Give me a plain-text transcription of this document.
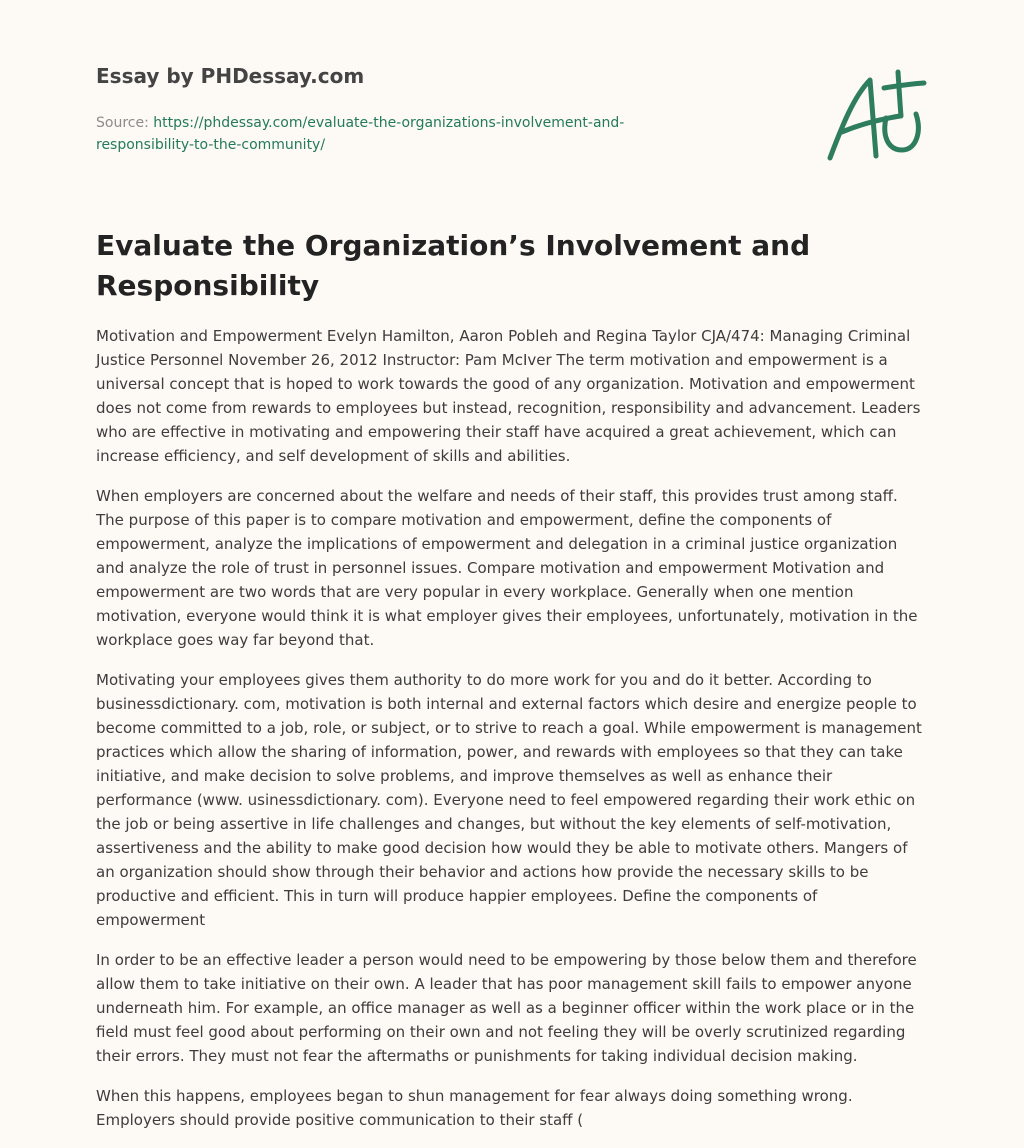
Essay by PHDessay.com

Source: https://phdessay.com/evaluate-the-organizations-involvement-and-responsibility-to-the-community/

Evaluate the Organization’s Involvement and Responsibility

Motivation and Empowerment Evelyn Hamilton, Aaron Pobleh and Regina Taylor CJA/474: Managing Criminal Justice Personnel November 26, 2012 Instructor: Pam McIver The term motivation and empowerment is a universal concept that is hoped to work towards the good of any organization. Motivation and empowerment does not come from rewards to employees but instead, recognition, responsibility and advancement. Leaders who are effective in motivating and empowering their staff have acquired a great achievement, which can increase efficiency, and self development of skills and abilities.

When employers are concerned about the welfare and needs of their staff, this provides trust among staff. The purpose of this paper is to compare motivation and empowerment, define the components of empowerment, analyze the implications of empowerment and delegation in a criminal justice organization and analyze the role of trust in personnel issues. Compare motivation and empowerment Motivation and empowerment are two words that are very popular in every workplace. Generally when one mention motivation, everyone would think it is what employer gives their employees, unfortunately, motivation in the workplace goes way far beyond that.

Motivating your employees gives them authority to do more work for you and do it better. According to businessdictionary. com, motivation is both internal and external factors which desire and energize people to become committed to a job, role, or subject, or to strive to reach a goal. While empowerment is management practices which allow the sharing of information, power, and rewards with employees so that they can take initiative, and make decision to solve problems, and improve themselves as well as enhance their performance (www. usinessdictionary. com). Everyone need to feel empowered regarding their work ethic on the job or being assertive in life challenges and changes, but without the key elements of self-motivation, assertiveness and the ability to make good decision how would they be able to motivate others. Mangers of an organization should show through their behavior and actions how provide the necessary skills to be productive and efficient. This in turn will produce happier employees. Define the components of empowerment

In order to be an effective leader a person would need to be empowering by those below them and therefore allow them to take initiative on their own. A leader that has poor management skill fails to empower anyone underneath him. For example, an office manager as well as a beginner officer within the work place or in the field must feel good about performing on their own and not feeling they will be overly scrutinized regarding their errors. They must not fear the aftermaths or punishments for taking individual decision making.

When this happens, employees began to shun management for fear always doing something wrong. Employers should provide positive communication to their staff (
